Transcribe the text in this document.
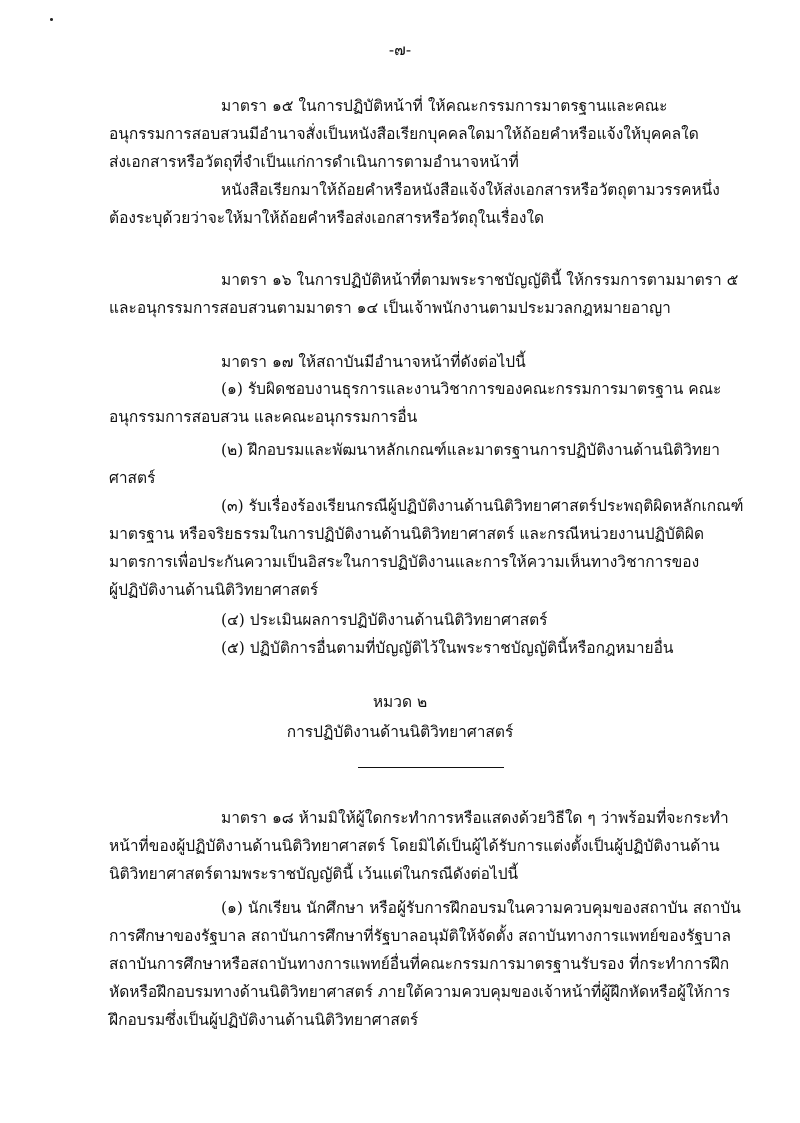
-๗-

มาตรา ๑๕ ในการปฏิบัติหน้าที่ ให้คณะกรรมการมาตรฐานและคณะ

อนุกรรมการสอบสวนมีอำนาจสั่งเป็นหนังสือเรียกบุคคลใดมาให้ถ้อยคำหรือแจ้งให้บุคคลใด

ส่งเอกสารหรือวัตถุที่จำเป็นแก่การดำเนินการตามอำนาจหน้าที่

หนังสือเรียกมาให้ถ้อยคำหรือหนังสือแจ้งให้ส่งเอกสารหรือวัตถุตามวรรคหนึ่ง

ต้องระบุด้วยว่าจะให้มาให้ถ้อยคำหรือส่งเอกสารหรือวัตถุในเรื่องใด

มาตรา ๑๖ ในการปฏิบัติหน้าที่ตามพระราชบัญญัตินี้ ให้กรรมการตามมาตรา ๕

และอนุกรรมการสอบสวนตามมาตรา ๑๔ เป็นเจ้าพนักงานตามประมวลกฎหมายอาญา

มาตรา ๑๗ ให้สถาบันมีอำนาจหน้าที่ดังต่อไปนี้

(๑) รับผิดชอบงานธุรการและงานวิชาการของคณะกรรมการมาตรฐาน คณะ

อนุกรรมการสอบสวน และคณะอนุกรรมการอื่น

(๒) ฝึกอบรมและพัฒนาหลักเกณฑ์และมาตรฐานการปฏิบัติงานด้านนิติวิทยา

ศาสตร์

(๓) รับเรื่องร้องเรียนกรณีผู้ปฏิบัติงานด้านนิติวิทยาศาสตร์ประพฤติผิดหลักเกณฑ์

มาตรฐาน หรือจริยธรรมในการปฏิบัติงานด้านนิติวิทยาศาสตร์ และกรณีหน่วยงานปฏิบัติผิด

มาตรการเพื่อประกันความเป็นอิสระในการปฏิบัติงานและการให้ความเห็นทางวิชาการของ

ผู้ปฏิบัติงานด้านนิติวิทยาศาสตร์

(๔) ประเมินผลการปฏิบัติงานด้านนิติวิทยาศาสตร์

(๕) ปฏิบัติการอื่นตามที่บัญญัติไว้ในพระราชบัญญัตินี้หรือกฎหมายอื่น

หมวด ๒

การปฏิบัติงานด้านนิติวิทยาศาสตร์

มาตรา ๑๘ ห้ามมิให้ผู้ใดกระทำการหรือแสดงด้วยวิธีใด ๆ ว่าพร้อมที่จะกระทำ

หน้าที่ของผู้ปฏิบัติงานด้านนิติวิทยาศาสตร์ โดยมิได้เป็นผู้ได้รับการแต่งตั้งเป็นผู้ปฏิบัติงานด้าน

นิติวิทยาศาสตร์ตามพระราชบัญญัตินี้ เว้นแต่ในกรณีดังต่อไปนี้

(๑) นักเรียน นักศึกษา หรือผู้รับการฝึกอบรมในความควบคุมของสถาบัน สถาบัน

การศึกษาของรัฐบาล สถาบันการศึกษาที่รัฐบาลอนุมัติให้จัดตั้ง สถาบันทางการแพทย์ของรัฐบาล

สถาบันการศึกษาหรือสถาบันทางการแพทย์อื่นที่คณะกรรมการมาตรฐานรับรอง ที่กระทำการฝึก

หัดหรือฝึกอบรมทางด้านนิติวิทยาศาสตร์ ภายใต้ความควบคุมของเจ้าหน้าที่ผู้ฝึกหัดหรือผู้ให้การ

ฝึกอบรมซึ่งเป็นผู้ปฏิบัติงานด้านนิติวิทยาศาสตร์
